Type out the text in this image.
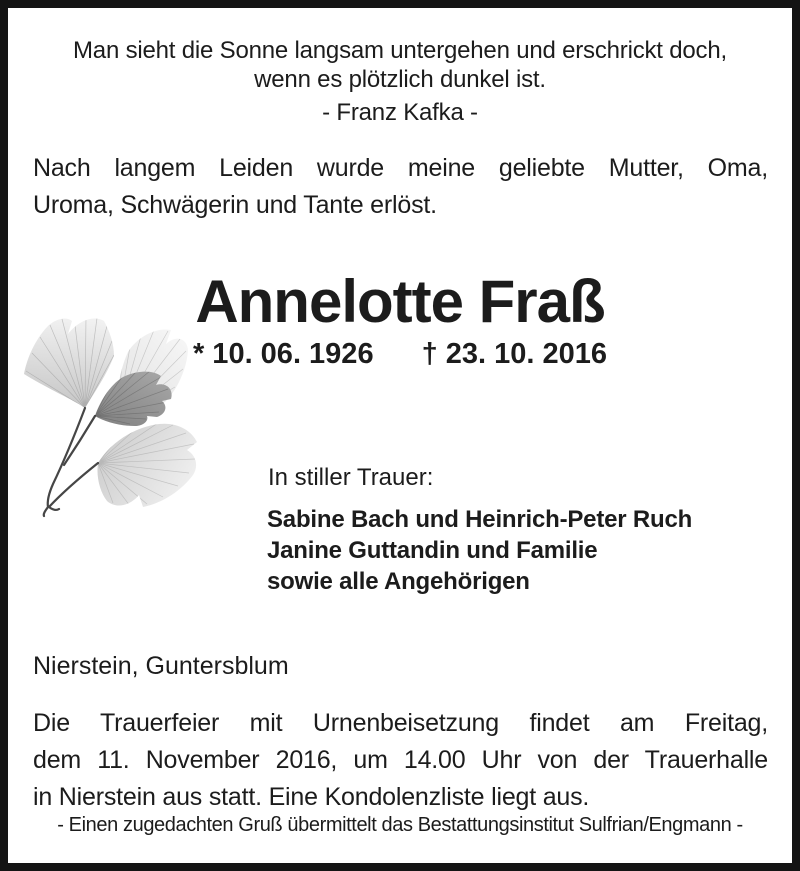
Man sieht die Sonne langsam untergehen und erschrickt doch,
wenn es plötzlich dunkel ist.
- Franz Kafka -
Nach langem Leiden wurde meine geliebte Mutter, Oma,
Uroma, Schwägerin und Tante erlöst.
Annelotte Fraß
* 10. 06. 1926 † 23. 10. 2016
In stiller Trauer:
Sabine Bach und Heinrich-Peter Ruch
Janine Guttandin und Familie
sowie alle Angehörigen
Nierstein, Guntersblum
Die Trauerfeier mit Urnenbeisetzung findet am Freitag,
dem 11. November 2016, um 14.00 Uhr von der Trauerhalle
in Nierstein aus statt. Eine Kondolenzliste liegt aus.
- Einen zugedachten Gruß übermittelt das Bestattungsinstitut Sulfrian/Engmann -
